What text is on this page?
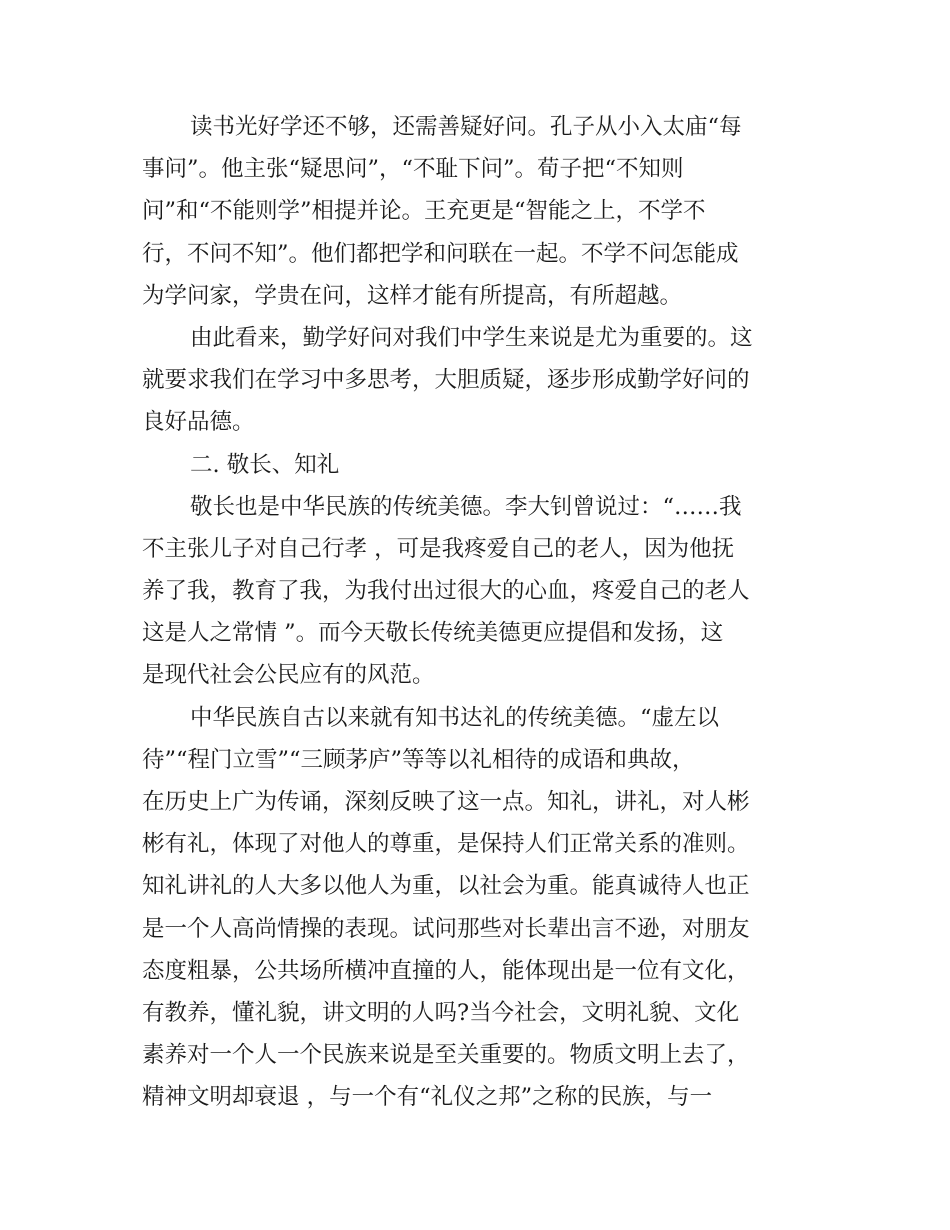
读书光好学还不够，还需善疑好问。孔子从小入太庙“每
事问”。他主张“疑思问”，“不耻下问”。荀子把“不知则
问”和“不能则学”相提并论。王充更是“智能之上，不学不
行，不问不知”。他们都把学和问联在一起。不学不问怎能成
为学问家，学贵在问，这样才能有所提高，有所超越。
由此看来，勤学好问对我们中学生来说是尤为重要的。这
就要求我们在学习中多思考，大胆质疑，逐步形成勤学好问的
良好品德。
二. 敬长、知礼
敬长也是中华民族的传统美德。李大钊曾说过：“……我
不主张儿子对自己行孝 ，可是我疼爱自己的老人，因为他抚
养了我，教育了我，为我付出过很大的心血，疼爱自己的老人
这是人之常情 ”。而今天敬长传统美德更应提倡和发扬，这
是现代社会公民应有的风范。
中华民族自古以来就有知书达礼的传统美德。“虚左以
待”“程门立雪”“三顾茅庐”等等以礼相待的成语和典故，
在历史上广为传诵，深刻反映了这一点。知礼，讲礼，对人彬
彬有礼，体现了对他人的尊重，是保持人们正常关系的准则。
知礼讲礼的人大多以他人为重，以社会为重。能真诚待人也正
是一个人高尚情操的表现。试问那些对长辈出言不逊，对朋友
态度粗暴，公共场所横冲直撞的人，能体现出是一位有文化，
有教养，懂礼貌，讲文明的人吗?当今社会，文明礼貌、文化
素养对一个人一个民族来说是至关重要的。物质文明上去了，
精神文明却衰退 ，与一个有“礼仪之邦”之称的民族，与一
